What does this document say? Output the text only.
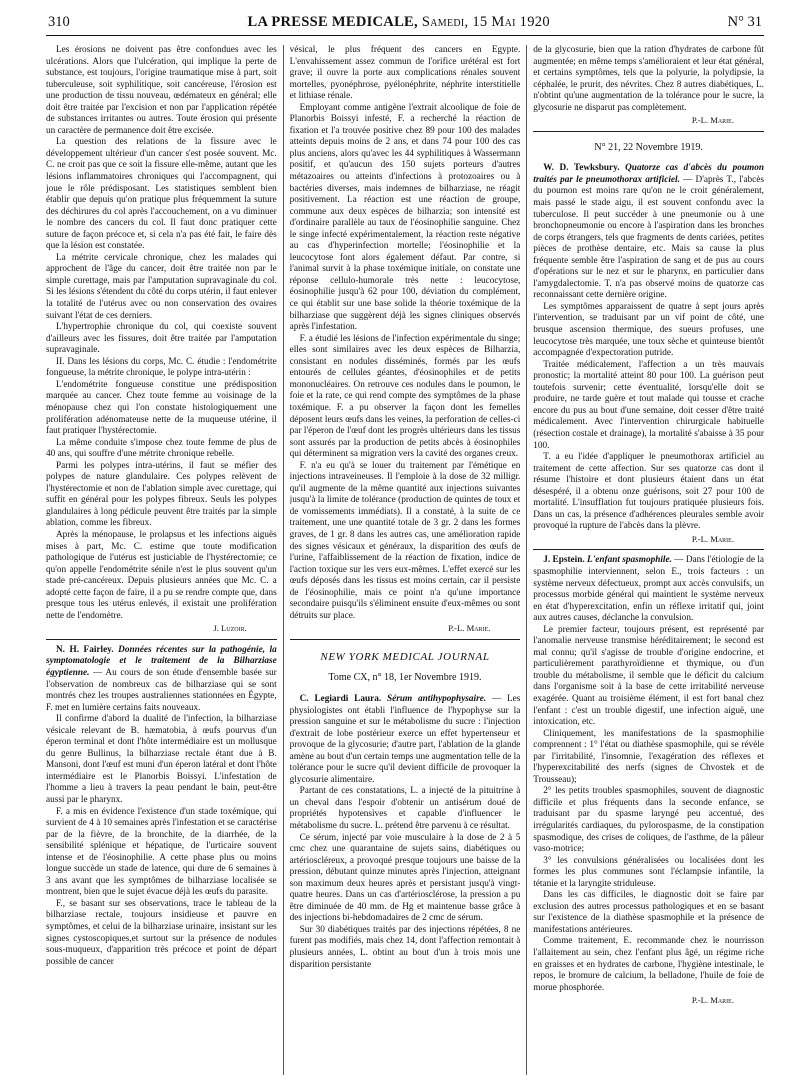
310	LA PRESSE MEDICALE, Samedi, 15 Mai 1920	N° 31

Les érosions ne doivent pas être confondues avec les ulcérations. Alors que l'ulcération, qui implique la perte de substance, est toujours, l'origine traumatique mise à part, soit tuberculeuse, soit syphilitique, soit cancéreuse, l'érosion est une production de tissu nouveau, œdémateux en général; elle doit être traitée par l'excision et non par l'application répétée de substances irritantes ou autres. Toute érosion qui présente un caractère de permanence doit être excisée.

La question des relations de la fissure avec le développement ultérieur d'un cancer s'est posée souvent. Mc. C. ne croit pas que ce soit la fissure elle-même, autant que les lésions inflammatoires chroniques qui l'accompagnent, qui joue le rôle prédisposant. Les statistiques semblent bien établir que depuis qu'on pratique plus fréquemment la suture des déchirures du col après l'accouchement, on a vu diminuer le nombre des cancers du col. Il faut donc pratiquer cette suture de façon précoce et, si cela n'a pas été fait, le faire dès que la lésion est constatée.

La métrite cervicale chronique, chez les malades qui approchent de l'âge du cancer, doit être traitée non par le simple curettage, mais par l'amputation supravaginale du col. Si les lésions s'étendent du côté du corps utérin, il faut enlever la totalité de l'utérus avec ou non conservation des ovaires suivant l'état de ces derniers.

L'hypertrophie chronique du col, qui coexiste souvent d'ailleurs avec les fissures, doit être traitée par l'amputation supravaginale.

II. Dans les lésions du corps, Mc. C. étudie : l'endométrite fongueuse, la métrite chronique, le polype intra-utérin :

L'endométrite fongueuse constitue une prédisposition marquée au cancer. Chez toute femme au voisinage de la ménopause chez qui l'on constate histologiquement une prolifération adénomateuse nette de la muqueuse utérine, il faut pratiquer l'hystérectomie.

La même conduite s'impose chez toute femme de plus de 40 ans, qui souffre d'une métrite chronique rebelle.

Parmi les polypes intra-utérins, il faut se méfier des polypes de nature glandulaire. Ces polypes relèvent de l'hystérectomie et non de l'ablation simple avec curettage, qui suffit en général pour les polypes fibreux. Seuls les polypes glandulaires à long pédicule peuvent être traités par la simple ablation, comme les fibreux.

Après la ménopause, le prolapsus et les infections aiguës mises à part, Mc. C. estime que toute modification pathologique de l'utérus est justiciable de l'hystérectomie; ce qu'on appelle l'endométrite sénile n'est le plus souvent qu'un stade pré-cancéreux. Depuis plusieurs années que Mc. C. a adopté cette façon de faire, il a pu se rendre compte que, dans presque tous les utérus enlevés, il existait une prolifération nette de l'endomètre.

J. Luzoir.

N. H. Fairley. Données récentes sur la pathogénie, la symptomatologie et le traitement de la Bilharziase égyptienne. — Au cours de son étude d'ensemble basée sur l'observation de nombreux cas de bilharziase qui se sont montrés chez les troupes australiennes stationnées en Égypte, F. met en lumière certains faits nouveaux.

Il confirme d'abord la dualité de l'infection, la bilharziase vésicale relevant de B. hæmatobia, à œufs pourvus d'un éperon terminal et dont l'hôte intermédiaire est un mollusque du genre Bullinus, la bilharziase rectale étant due à B. Mansoni, dont l'œuf est muni d'un éperon latéral et dont l'hôte intermédiaire est le Planorbis Boissyi. L'infestation de l'homme a lieu à travers la peau pendant le bain, peut-être aussi par le pharynx.

F. a mis en évidence l'existence d'un stade toxémique, qui survient de 4 à 10 semaines après l'infestation et se caractérise par de la fièvre, de la bronchite, de la diarrhée, de la sensibilité splénique et hépatique, de l'urticaire souvent intense et de l'éosinophilie. A cette phase plus ou moins longue succède un stade de latence, qui dure de 6 semaines à 3 ans avant que les symptômes de bilharziase localisée se montrent, bien que le sujet évacue déjà les œufs du parasite.

F., se basant sur ses observations, trace le tableau de la bilharziase rectale, toujours insidieuse et pauvre en symptômes, et celui de la bilharziase urinaire, insistant sur les signes cystoscopiques,et surtout sur la présence de nodules sous-muqueux, d'apparition très précoce et point de départ possible de cancer

vésical, le plus fréquent des cancers en Égypte. L'envahissement assez commun de l'orifice urétéral est fort grave; il ouvre la porte aux complications rénales souvent mortelles, pyonéphrose, pyélonéphrite, néphrite interstitielle et lithiase rénale.

Employant comme antigène l'extrait alcoolique de foie de Planorbis Boissyi infesté, F. a recherché la réaction de fixation et l'a trouvée positive chez 89 pour 100 des malades atteints depuis moins de 2 ans, et dans 74 pour 100 des cas plus anciens, alors qu'avec les 44 syphilitiques à Wassermann positif, et qu'aucun des 150 sujets porteurs d'autres métazoaires ou atteints d'infections à protozoaires ou à bactéries diverses, mais indemnes de bilharziase, ne réagit positivement. La réaction est une réaction de groupe, commune aux deux espèces de bilharzia; son intensité est d'ordinaire parallèle au taux de l'éosinophilie sanguine. Chez le singe infecté expérimentalement, la réaction reste négative au cas d'hyperinfection mortelle; l'éosinophilie et la leucocytose font alors également défaut. Par contre, si l'animal survit à la phase toxémique initiale, on constate une réponse cellulo-humorale très nette : leucocytose, éosinophilie jusqu'à 62 pour 100, déviation du complément, ce qui établit sur une base solide la théorie toxémique de la bilharziase que suggèrent déjà les signes cliniques observés après l'infestation.

F. a étudié les lésions de l'infection expérimentale du singe; elles sont similaires avec les deux espèces de Bilharzia, consistant en nodules disséminés, formés par les œufs entourés de cellules géantes, d'éosinophiles et de petits mononucléaires. On retrouve ces nodules dans le poumon, le foie et la rate, ce qui rend compte des symptômes de la phase toxémique. F. a pu observer la façon dont les femelles déposent leurs œufs dans les veines, la perforation de celles-ci par l'éperon de l'œuf dont les progrès ultérieurs dans les tissus sont assurés par la production de petits abcès à éosinophiles qui déterminent sa migration vers la cavité des organes creux.

F. n'a eu qu'à se louer du traitement par l'émétique en injections intraveineuses. Il l'emploie à la dose de 32 milligr. qu'il augmente de la même quantité aux injections suivantes jusqu'à la limite de tolérance (production de quintes de toux et de vomissements immédiats). Il a constaté, à la suite de ce traitement, une une quantité totale de 3 gr. 2 dans les formes graves, de 1 gr. 8 dans les autres cas, une amélioration rapide des signes vésicaux et généraux, la disparition des œufs de l'urine, l'affaiblissement de la réaction de fixation, indice de l'action toxique sur les vers eux-mêmes. L'effet exercé sur les œufs déposés dans les tissus est moins certain, car il persiste de l'éosinophilie, mais ce point n'a qu'une importance secondaire puisqu'ils s'éliminent ensuite d'eux-mêmes ou sont détruits sur place.

P.-L. Marie.
NEW YORK MEDICAL JOURNAL
Tome CX, n° 18, 1er Novembre 1919.

C. Legiardi Laura. Sérum antihypophysaire. — Les physiologistes ont établi l'influence de l'hypophyse sur la pression sanguine et sur le métabolisme du sucre : l'injection d'extrait de lobe postérieur exerce un effet hypertenseur et provoque de la glycosurie; d'autre part, l'ablation de la glande amène au bout d'un certain temps une augmentation telle de la tolérance pour le sucre qu'il devient difficile de provoquer la glycosurie alimentaire.

Partant de ces constatations, L. a injecté de la pituitrine à un cheval dans l'espoir d'obtenir un antisérum doué de propriétés hypotensives et capable d'influencer le métabolisme du sucre. L. prétend être parvenu à ce résultat.

Ce sérum, injecté par voie musculaire à la dose de 2 à 5 cmc chez une quarantaine de sujets sains, diabétiques ou artérioscléreux, a provoqué presque toujours une baisse de la pression, débutant quinze minutes après l'injection, atteignant son maximum deux heures après et persistant jusqu'à vingt-quatre heures. Dans un cas d'artériosclérose, la pression a pu être diminuée de 40 mm. de Hg et maintenue basse grâce à des injections bi-hebdomadaires de 2 cmc de sérum.

Sur 30 diabétiques traités par des injections répétées, 8 ne furent pas modifiés, mais chez 14, dont l'affection remontait à plusieurs années, L. obtint au bout d'un à trois mois une disparition persistante

de la glycosurie, bien que la ration d'hydrates de carbone fût augmentée; en même temps s'amélioraient et leur état général, et certains symptômes, tels que la polyurie, la polydipsie, la céphalée, le prurit, des névrites. Chez 8 autres diabétiques, L. n'obtint qu'une augmentation de la tolérance pour le sucre, la glycosurie ne disparut pas complètement.

P.-L. Marie.
N° 21, 22 Novembre 1919.

W. D. Tewksbury. Quatorze cas d'abcès du poumon traités par le pneumothorax artificiel. — D'après T., l'abcès du poumon est moins rare qu'on ne le croit généralement, mais passé le stade aigu, il est souvent confondu avec la tuberculose. Il peut succéder à une pneumonie ou à une bronchopneumonie ou encore à l'aspiration dans les bronches de corps étrangers, tels que fragments de dents cariées, petites pièces de prothèse dentaire, etc. Mais sa cause la plus fréquente semble être l'aspiration de sang et de pus au cours d'opérations sur le nez et sur le pharynx, en particulier dans l'amygdalectomie. T. n'a pas observé moins de quatorze cas reconnaissant cette dernière origine.

Les symptômes apparaissent de quatre à sept jours après l'intervention, se traduisant par un vif point de côté, une brusque ascension thermique, des sueurs profuses, une leucocytose très marquée, une toux sèche et quinteuse bientôt accompagnée d'expectoration putride.

Traitée médicalement, l'affection a un très mauvais pronostic; la mortalité atteint 80 pour 100. La guérison peut toutefois survenir; cette éventualité, lorsqu'elle doit se produire, ne tarde guère et tout malade qui tousse et crache encore du pus au bout d'une semaine, doit cesser d'être traité médicalement. Avec l'intervention chirurgicale habituelle (résection costale et drainage), la mortalité s'abaisse à 35 pour 100.

T. a eu l'idée d'appliquer le pneumothorax artificiel au traitement de cette affection. Sur ses quatorze cas dont il résume l'histoire et dont plusieurs étaient dans un état désespéré, il a obtenu onze guérisons, soit 27 pour 100 de mortalité. L'insufflation fut toujours pratiquée plusieurs fois. Dans un cas, la présence d'adhérences pleurales semble avoir provoqué la rupture de l'abcès dans la plèvre.

P.-L. Marie.

J. Epstein. L'enfant spasmophile. — Dans l'étiologie de la spasmophilie interviennent, selon E., trois facteurs : un système nerveux défectueux, prompt aux accès convulsifs, un processus morbide général qui maintient le système nerveux en état d'hyperexcitation, enfin un réflexe irritatif qui, joint aux autres causes, déclanche la convulsion.

Le premier facteur, toujours présent, est représenté par l'anomalie nerveuse transmise héréditairement; le second est mal connu; qu'il s'agisse de trouble d'origine endocrine, et particulièrement parathyroïdienne et thymique, ou d'un trouble du métabolisme, il semble que le déficit du calcium dans l'organisme soit à la base de cette irritabilité nerveuse exagérée. Quant au troisième élément, il est fort banal chez l'enfant : c'est un trouble digestif, une infection aiguë, une intoxication, etc.

Cliniquement, les manifestations de la spasmophilie comprennent : 1° l'état ou diathèse spasmophile, qui se révèle par l'irritabilité, l'insomnie, l'exagération des réflexes et l'hyperexcitabilité des nerfs (signes de Chvostek et de Trousseau);

2° les petits troubles spasmophiles, souvent de diagnostic difficile et plus fréquents dans la seconde enfance, se traduisant par du spasme laryngé peu accentué, des irrégularités cardiaques, du pylorospasme, de la constipation spasmodique, des crises de coliques, de l'asthme, de la pâleur vaso-motrice;

3° les convulsions généralisées ou localisées dont les formes les plus communes sont l'éclampsie infantile, la tétanie et la laryngite striduleuse.

Dans les cas difficiles, le diagnostic doit se faire par exclusion des autres processus pathologiques et en se basant sur l'existence de la diathèse spasmophile et la présence de manifestations antérieures.

Comme traitement, E. recommande chez le nourrisson l'allaitement au sein, chez l'enfant plus âgé, un régime riche en graisses et en hydrates de carbone, l'hygiène intestinale, le repos, le bromure de calcium, la belladone, l'huile de foie de morue phosphorée.

P.-L. Marie.
